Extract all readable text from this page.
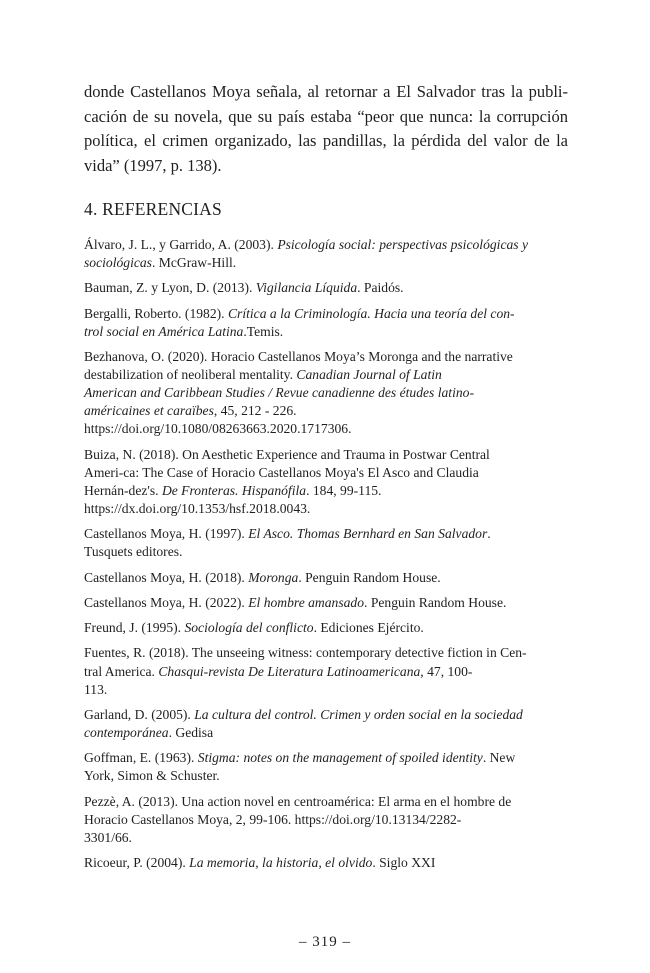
donde Castellanos Moya señala, al retornar a El Salvador tras la publi-
cación de su novela, que su país estaba “peor que nunca: la corrupción
política, el crimen organizado, las pandillas, la pérdida del valor de la
vida” (1997, p. 138).

4. REFERENCIAS

Álvaro, J. L., y Garrido, A. (2003). Psicología social: perspectivas psicológicas y
sociológicas. McGraw-Hill.

Bauman, Z. y Lyon, D. (2013). Vigilancia Líquida. Paidós.

Bergalli, Roberto. (1982). Crítica a la Criminología. Hacia una teoría del con-
trol social en América Latina.Temis.

Bezhanova, O. (2020). Horacio Castellanos Moya’s Moronga and the narrative
destabilization of neoliberal mentality. Canadian Journal of Latin
American and Caribbean Studies / Revue canadienne des études latino-
américaines et caraïbes, 45, 212 - 226.
https://doi.org/10.1080/08263663.2020.1717306.

Buiza, N. (2018). On Aesthetic Experience and Trauma in Postwar Central
Ameri-ca: The Case of Horacio Castellanos Moya's El Asco and Claudia
Hernán-dez's. De Fronteras. Hispanófila. 184, 99-115.
https://dx.doi.org/10.1353/hsf.2018.0043.

Castellanos Moya, H. (1997). El Asco. Thomas Bernhard en San Salvador.
Tusquets editores.

Castellanos Moya, H. (2018). Moronga. Penguin Random House.

Castellanos Moya, H. (2022). El hombre amansado. Penguin Random House.

Freund, J. (1995). Sociología del conflicto. Ediciones Ejército.

Fuentes, R. (2018). The unseeing witness: contemporary detective fiction in Cen-
tral America. Chasqui-revista De Literatura Latinoamericana, 47, 100-
113.

Garland, D. (2005). La cultura del control. Crimen y orden social en la sociedad
contemporánea. Gedisa

Goffman, E. (1963). Stigma: notes on the management of spoiled identity. New
York, Simon & Schuster.

Pezzè, A. (2013). Una action novel en centroamérica: El arma en el hombre de
Horacio Castellanos Moya, 2, 99-106. https://doi.org/10.13134/2282-
3301/66.

Ricoeur, P. (2004). La memoria, la historia, el olvido. Siglo XXI

– 319 –
